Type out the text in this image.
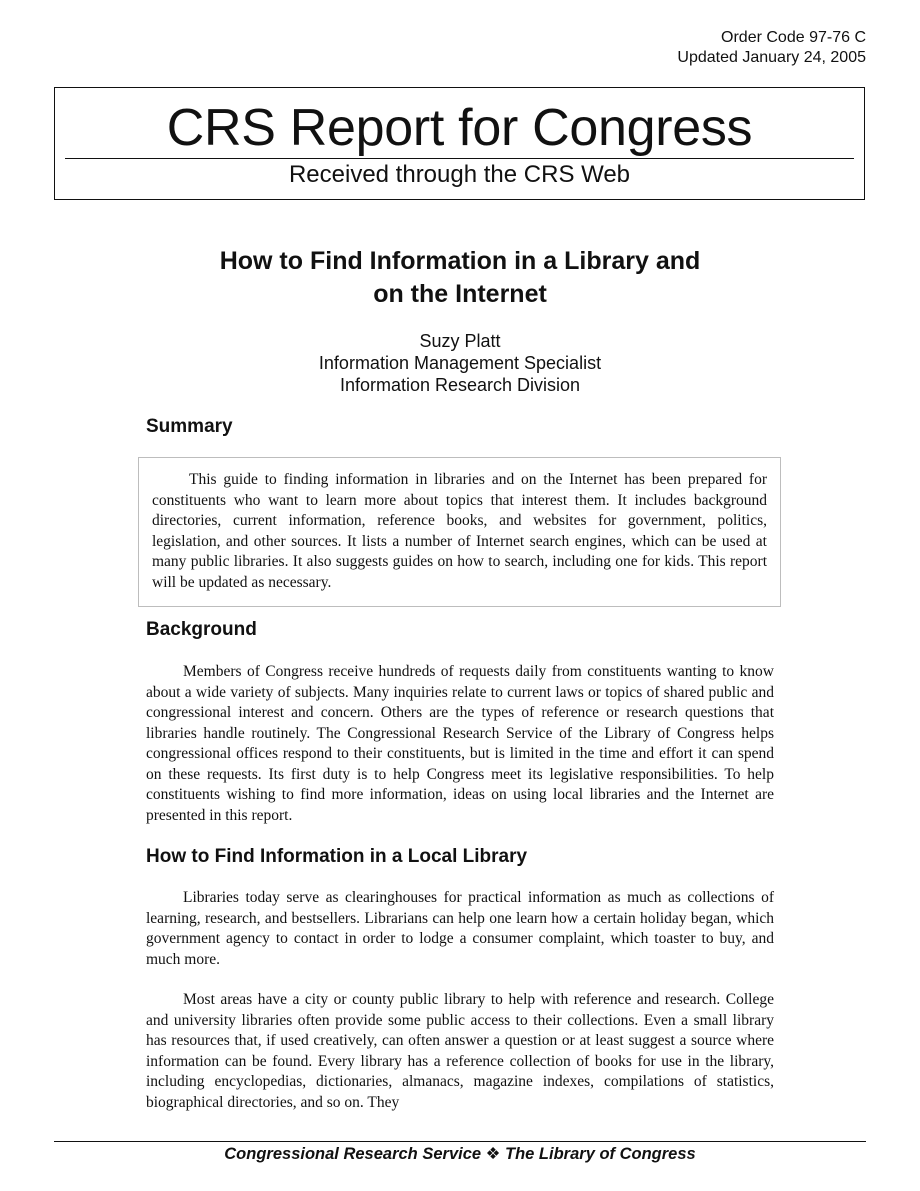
Order Code 97-76 C
Updated January 24, 2005
CRS Report for Congress
Received through the CRS Web
How to Find Information in a Library and
on the Internet
Suzy Platt
Information Management Specialist
Information Research Division
Summary

This guide to finding information in libraries and on the Internet has been prepared for constituents who want to learn more about topics that interest them. It includes background directories, current information, reference books, and websites for government, politics, legislation, and other sources. It lists a number of Internet search engines, which can be used at many public libraries. It also suggests guides on how to search, including one for kids. This report will be updated as necessary.

Background

Members of Congress receive hundreds of requests daily from constituents wanting to know about a wide variety of subjects. Many inquiries relate to current laws or topics of shared public and congressional interest and concern. Others are the types of reference or research questions that libraries handle routinely. The Congressional Research Service of the Library of Congress helps congressional offices respond to their constituents, but is limited in the time and effort it can spend on these requests. Its first duty is to help Congress meet its legislative responsibilities. To help constituents wishing to find more information, ideas on using local libraries and the Internet are presented in this report.

How to Find Information in a Local Library

Libraries today serve as clearinghouses for practical information as much as collections of learning, research, and bestsellers. Librarians can help one learn how a certain holiday began, which government agency to contact in order to lodge a consumer complaint, which toaster to buy, and much more.

Most areas have a city or county public library to help with reference and research. College and university libraries often provide some public access to their collections. Even a small library has resources that, if used creatively, can often answer a question or at least suggest a source where information can be found. Every library has a reference collection of books for use in the library, including encyclopedias, dictionaries, almanacs, magazine indexes, compilations of statistics, biographical directories, and so on. They

Congressional Research Service ❖ The Library of Congress
